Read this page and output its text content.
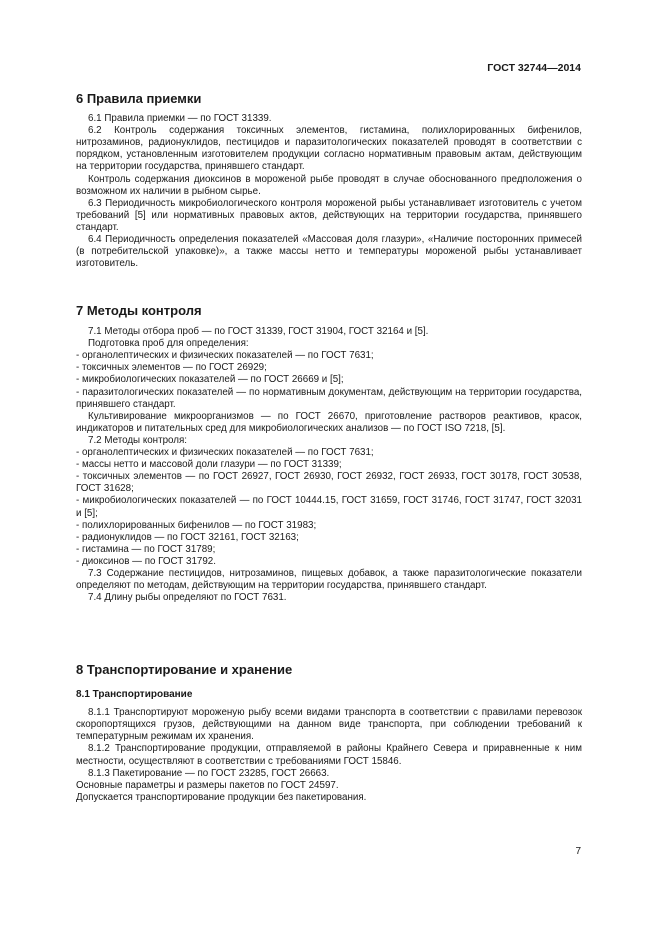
ГОСТ 32744—2014

6 Правила приемки

6.1 Правила приемки — по ГОСТ 31339.

6.2 Контроль содержания токсичных элементов, гистамина, полихлорированных бифенилов, нитрозаминов, радионуклидов, пестицидов и паразитологических показателей проводят в соответствии с порядком, установленным изготовителем продукции согласно нормативным правовым актам, действующим на территории государства, принявшего стандарт.

Контроль содержания диоксинов в мороженой рыбе проводят в случае обоснованного предположения о возможном их наличии в рыбном сырье.

6.3 Периодичность микробиологического контроля мороженой рыбы устанавливает изготовитель с учетом требований [5] или нормативных правовых актов, действующих на территории государства, принявшего стандарт.

6.4 Периодичность определения показателей «Массовая доля глазури», «Наличие посторонних примесей (в потребительской упаковке)», а также массы нетто и температуры мороженой рыбы устанавливает изготовитель.

7 Методы контроля

7.1 Методы отбора проб — по ГОСТ 31339, ГОСТ 31904, ГОСТ 32164 и [5].

Подготовка проб для определения:

- органолептических и физических показателей — по ГОСТ 7631;

- токсичных элементов — по ГОСТ 26929;

- микробиологических показателей — по ГОСТ 26669 и [5];

- паразитологических показателей — по нормативным документам, действующим на территории государства, принявшего стандарт.

Культивирование микроорганизмов — по ГОСТ 26670, приготовление растворов реактивов, красок, индикаторов и питательных сред для микробиологических анализов — по ГОСТ ISO 7218, [5].

7.2 Методы контроля:

- органолептических и физических показателей — по ГОСТ 7631;

- массы нетто и массовой доли глазури — по ГОСТ 31339;

- токсичных элементов — по ГОСТ 26927, ГОСТ 26930, ГОСТ 26932, ГОСТ 26933, ГОСТ 30178, ГОСТ 30538, ГОСТ 31628;

- микробиологических показателей — по ГОСТ 10444.15, ГОСТ 31659, ГОСТ 31746, ГОСТ 31747, ГОСТ 32031 и [5];

- полихлорированных бифенилов — по ГОСТ 31983;

- радионуклидов — по ГОСТ 32161, ГОСТ 32163;

- гистамина — по ГОСТ 31789;

- диоксинов — по ГОСТ 31792.

7.3 Содержание пестицидов, нитрозаминов, пищевых добавок, а также паразитологические показатели определяют по методам, действующим на территории государства, принявшего стандарт.

7.4 Длину рыбы определяют по ГОСТ 7631.

8 Транспортирование и хранение

8.1 Транспортирование

8.1.1 Транспортируют мороженую рыбу всеми видами транспорта в соответствии с правилами перевозок скоропортящихся грузов, действующими на данном виде транспорта, при соблюдении требований к температурным режимам их хранения.

8.1.2 Транспортирование продукции, отправляемой в районы Крайнего Севера и приравненные к ним местности, осуществляют в соответствии с требованиями ГОСТ 15846.

8.1.3 Пакетирование — по ГОСТ 23285, ГОСТ 26663.

Основные параметры и размеры пакетов по ГОСТ 24597.

Допускается транспортирование продукции без пакетирования.

7
